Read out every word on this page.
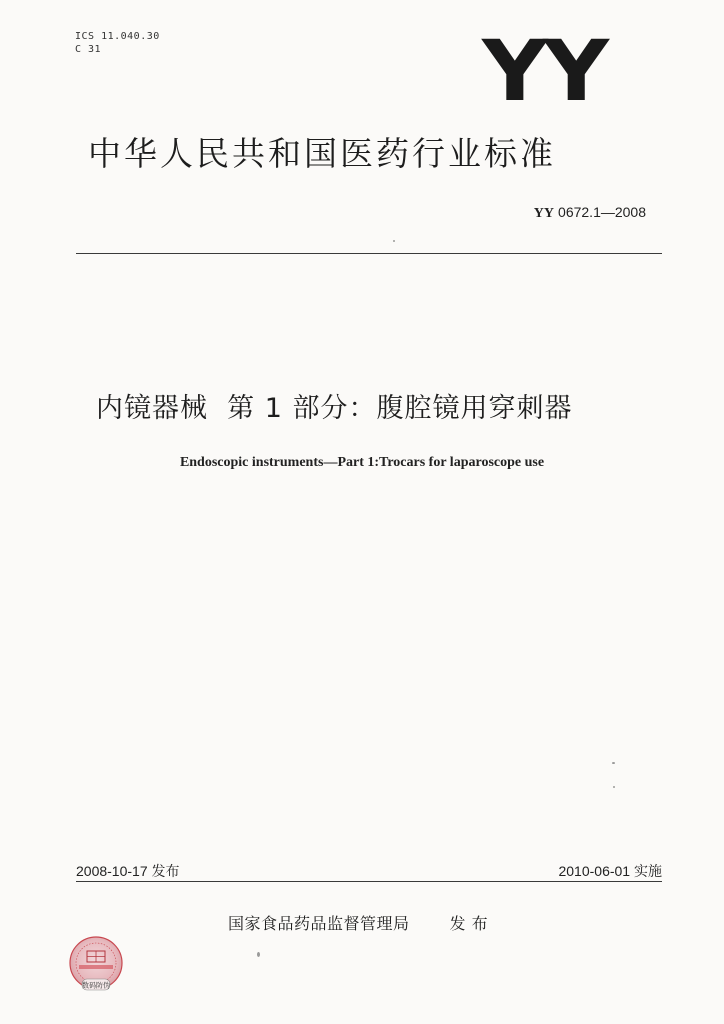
ICS 11.040.30
C 31	YY
中华人民共和国医药行业标准
YY 0672.1—2008
内镜器械  第 1 部分：腹腔镜用穿刺器
Endoscopic instruments—Part 1:Trocars for laparoscope use
2008-10-17 发布	2010-06-01 实施
国家食品药品监督管理局	发 布
数码防伪
